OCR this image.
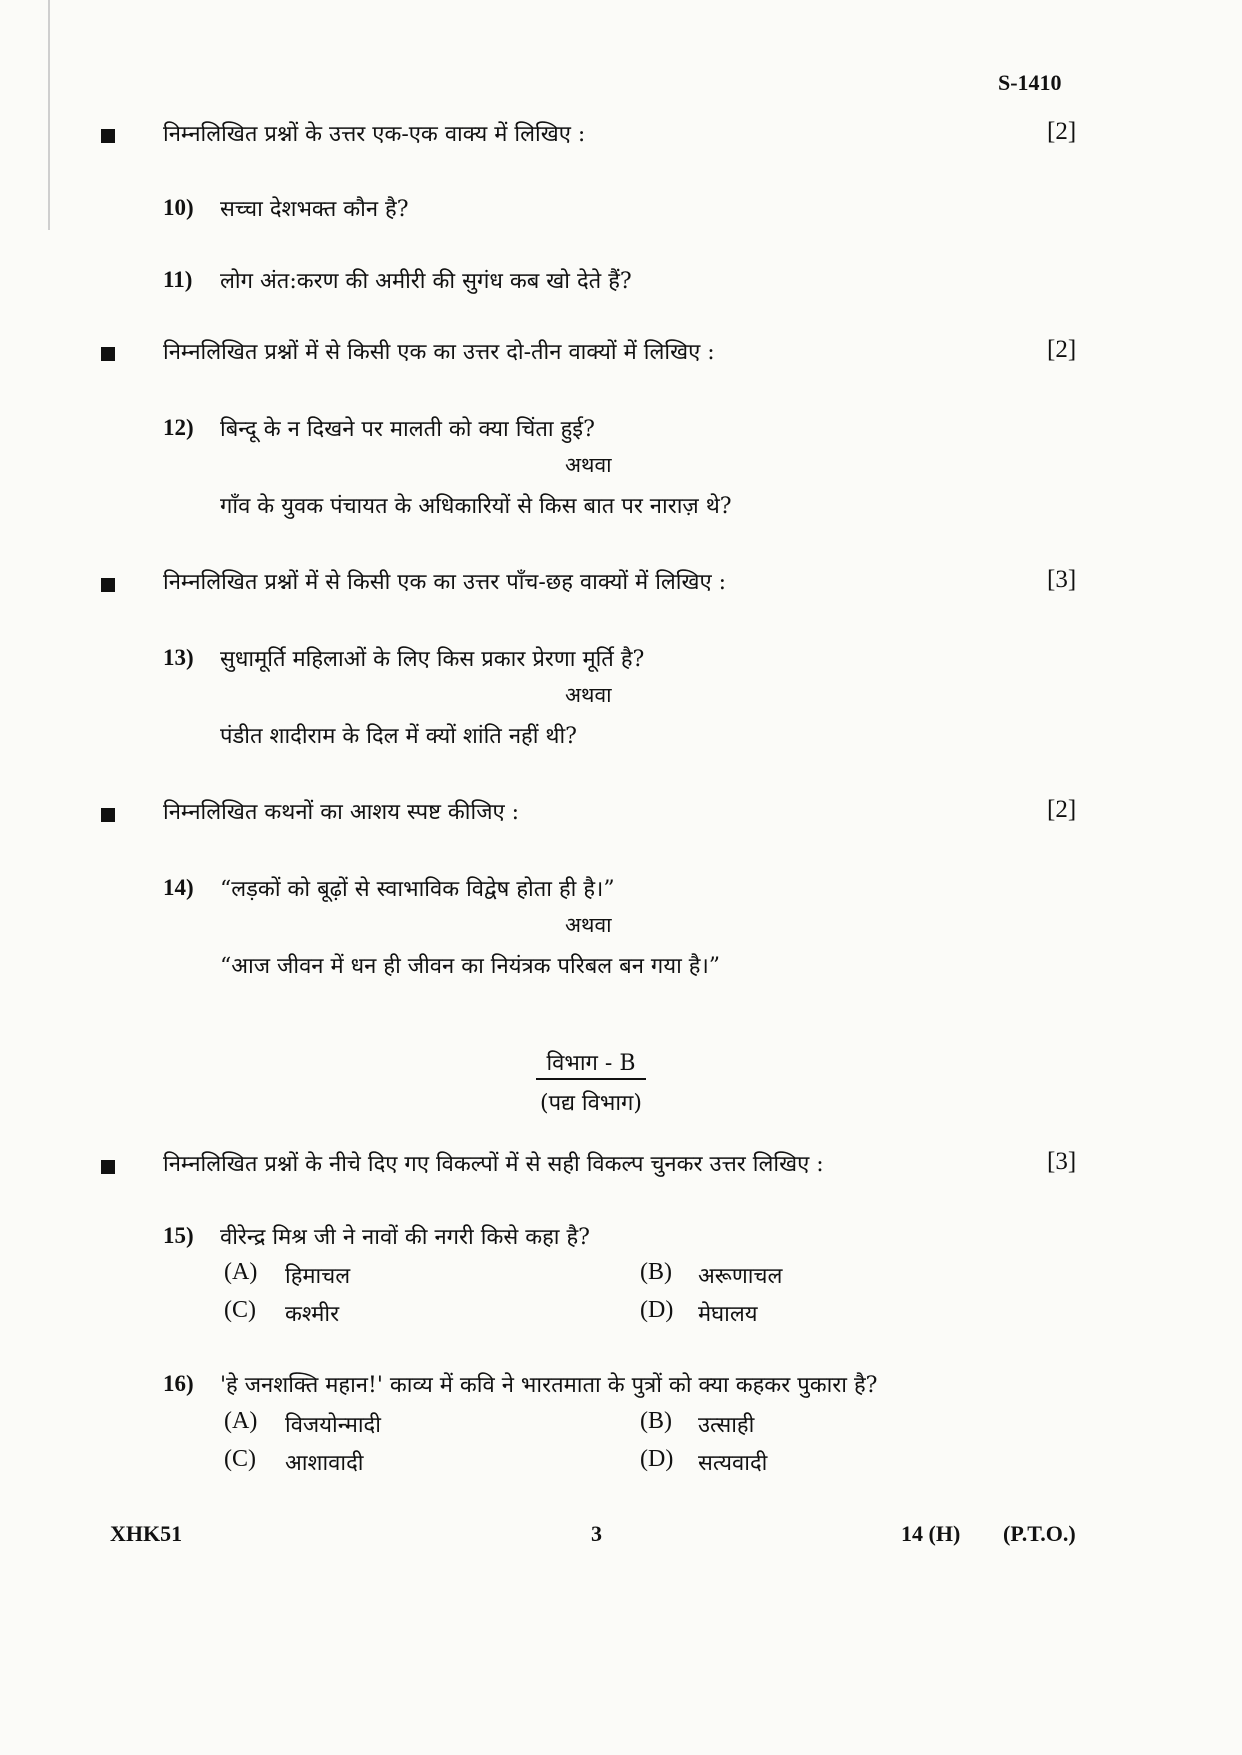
S-1410
निम्नलिखित प्रश्नों के उत्तर एक-एक वाक्य में लिखिए :	[2]
10) सच्चा देशभक्त कौन है?
11) लोग अंत:करण की अमीरी की सुगंध कब खो देते हैं?
निम्नलिखित प्रश्नों में से किसी एक का उत्तर दो-तीन वाक्यों में लिखिए :	[2]
12) बिन्दू के न दिखने पर मालती को क्या चिंता हुई?
अथवा
गाँव के युवक पंचायत के अधिकारियों से किस बात पर नाराज़ थे?
निम्नलिखित प्रश्नों में से किसी एक का उत्तर पाँच-छह वाक्यों में लिखिए :	[3]
13) सुधामूर्ति महिलाओं के लिए किस प्रकार प्रेरणा मूर्ति है?
अथवा
पंडीत शादीराम के दिल में क्यों शांति नहीं थी?
निम्नलिखित कथनों का आशय स्पष्ट कीजिए :	[2]
14) “लड़कों को बूढ़ों से स्वाभाविक विद्वेष होता ही है।”
अथवा
“आज जीवन में धन ही जीवन का नियंत्रक परिबल बन गया है।”
विभाग - B
(पद्य विभाग)
निम्नलिखित प्रश्नों के नीचे दिए गए विकल्पों में से सही विकल्प चुनकर उत्तर लिखिए :	[3]
15) वीरेन्द्र मिश्र जी ने नावों की नगरी किसे कहा है?
(A) हिमाचल	(B) अरूणाचल
(C) कश्मीर	(D) मेघालय
16) 'हे जनशक्ति महान!' काव्य में कवि ने भारतमाता के पुत्रों को क्या कहकर पुकारा है?
(A) विजयोन्मादी	(B) उत्साही
(C) आशावादी	(D) सत्यवादी
XHK51	3	14 (H) (P.T.O.)
